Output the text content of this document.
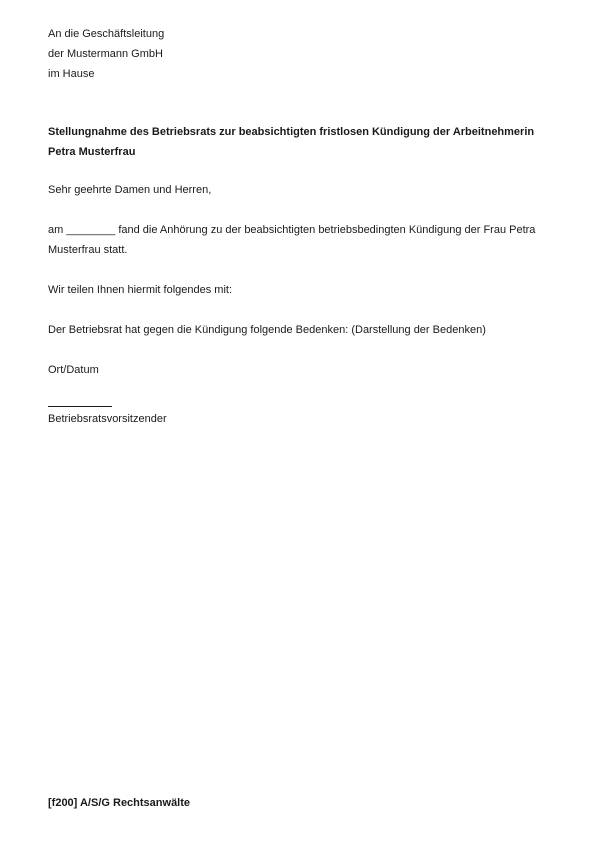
An die Geschäftsleitung
der Mustermann GmbH
im Hause
Stellungnahme des Betriebsrats zur beabsichtigten fristlosen Kündigung der Arbeitnehmerin
Petra Musterfrau
Sehr geehrte Damen und Herren,
am ________ fand die Anhörung zu der beabsichtigten betriebsbedingten Kündigung der Frau Petra
Musterfrau statt.
Wir teilen Ihnen hiermit folgendes mit:
Der Betriebsrat hat gegen die Kündigung folgende Bedenken: (Darstellung der Bedenken)
Ort/Datum
Betriebsratsvorsitzender
[f200] A/S/G Rechtsanwälte
